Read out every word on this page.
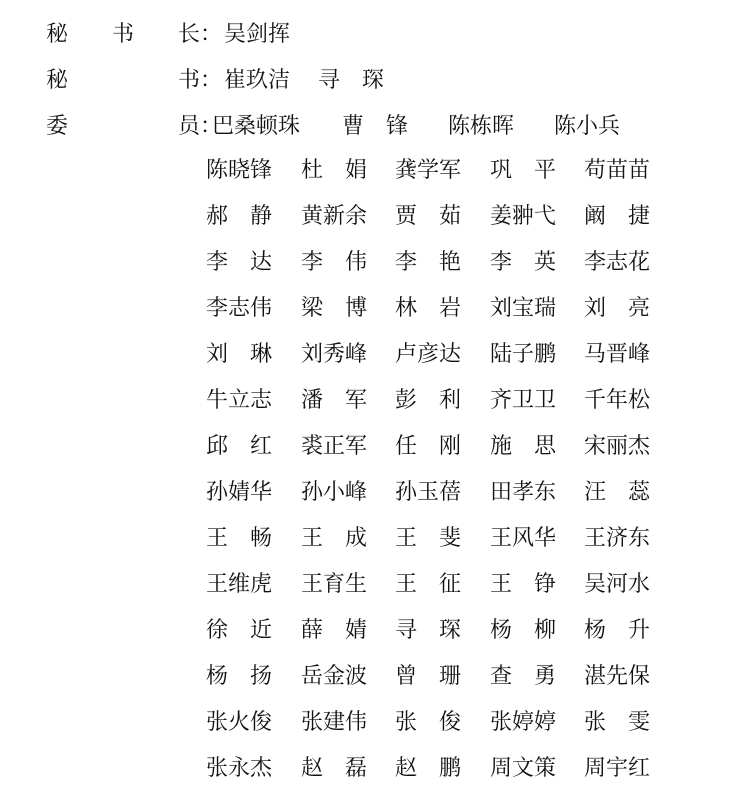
秘　　书　　长： 吴剑挥
秘　　　　　书： 崔玖洁 寻　琛
委　　　　　员：
巴桑顿珠 曹　锋 陈栋晖 陈小兵
陈晓锋 杜　娟 龚学军 巩　平 苟苗苗
郝　静 黄新余 贾　茹 姜翀弋 阚　捷
李　达 李　伟 李　艳 李　英 李志花
李志伟 梁　博 林　岩 刘宝瑞 刘　亮
刘　琳 刘秀峰 卢彦达 陆子鹏 马晋峰
牛立志 潘　军 彭　利 齐卫卫 千年松
邱　红 裘正军 任　刚 施　思 宋丽杰
孙婧华 孙小峰 孙玉蓓 田孝东 汪　蕊
王　畅 王　成 王　斐 王风华 王济东
王维虎 王育生 王　征 王　铮 吴河水
徐　近 薛　婧 寻　琛 杨　柳 杨　升
杨　扬 岳金波 曾　珊 查　勇 湛先保
张火俊 张建伟 张　俊 张婷婷 张　雯
张永杰 赵　磊 赵　鹏 周文策 周宇红
